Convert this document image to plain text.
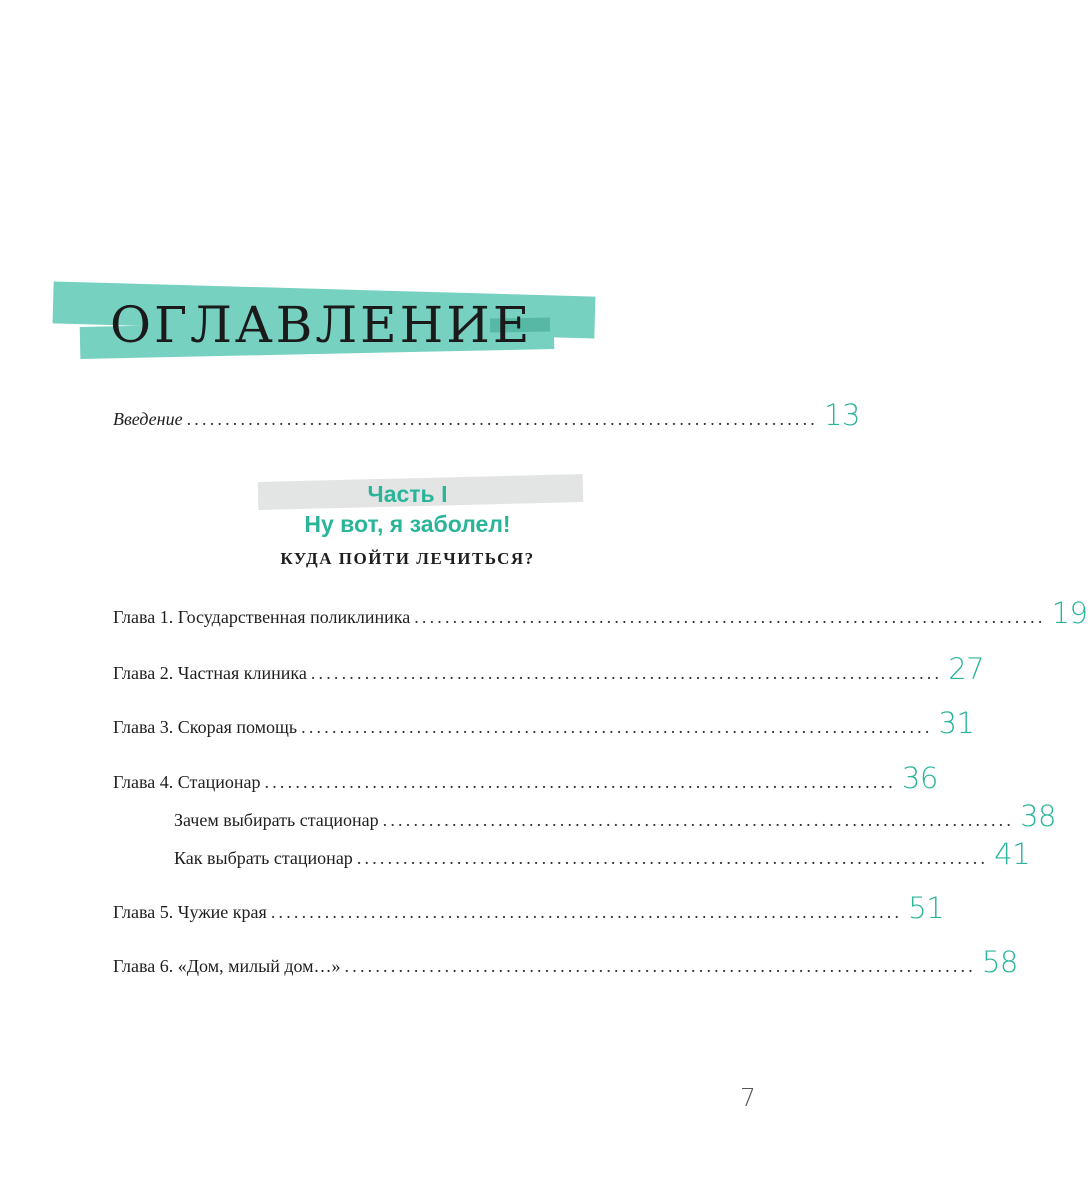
ОГЛАВЛЕНИЕ
Введение .................................................................................. 13
Часть I
Ну вот, я заболел!
КУДА ПОЙТИ ЛЕЧИТЬСЯ?
Глава 1. Государственная поликлиника .................................................................................. 19
Глава 2. Частная клиника .................................................................................. 27
Глава 3. Скорая помощь .................................................................................. 31
Глава 4. Стационар .................................................................................. 36
Зачем выбирать стационар .................................................................................. 38
Как выбрать стационар .................................................................................. 41
Глава 5. Чужие края .................................................................................. 51
Глава 6. «Дом, милый дом…» .................................................................................. 58
7
